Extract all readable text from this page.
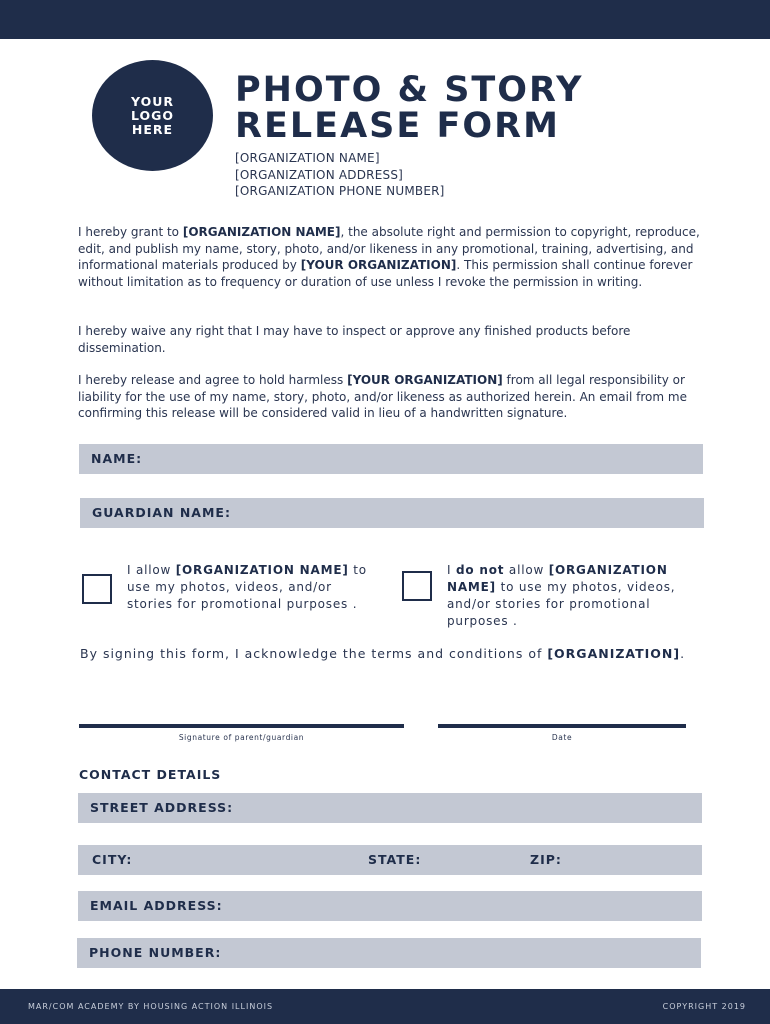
YOUR
LOGO
HERE
PHOTO & STORY
RELEASE FORM
[ORGANIZATION NAME]
[ORGANIZATION ADDRESS]
[ORGANIZATION PHONE NUMBER]

I hereby grant to [ORGANIZATION NAME], the absolute right and permission to copyright, reproduce, edit, and publish my name, story, photo, and/or likeness in any promotional, training, advertising, and informational materials produced by [YOUR ORGANIZATION]. This permission shall continue forever without limitation as to frequency or duration of use unless I revoke the permission in writing.

I hereby waive any right that I may have to inspect or approve any finished products before dissemination.

I hereby release and agree to hold harmless [YOUR ORGANIZATION] from all legal responsibility or liability for the use of my name, story, photo, and/or likeness as authorized herein. An email from me confirming this release will be considered valid in lieu of a handwritten signature.

NAME:
GUARDIAN NAME:
I allow [ORGANIZATION NAME] to use my photos, videos, and/or stories for promotional purposes .
I do not allow [ORGANIZATION NAME] to use my photos, videos, and/or stories for promotional purposes .
By signing this form, I acknowledge the terms and conditions of [ORGANIZATION].
Signature of parent/guardian	Date
CONTACT DETAILS
STREET ADDRESS:
CITY:	STATE:	ZIP:
EMAIL ADDRESS:
PHONE NUMBER:
MAR/COM ACADEMY BY HOUSING ACTION ILLINOIS	COPYRIGHT 2019
